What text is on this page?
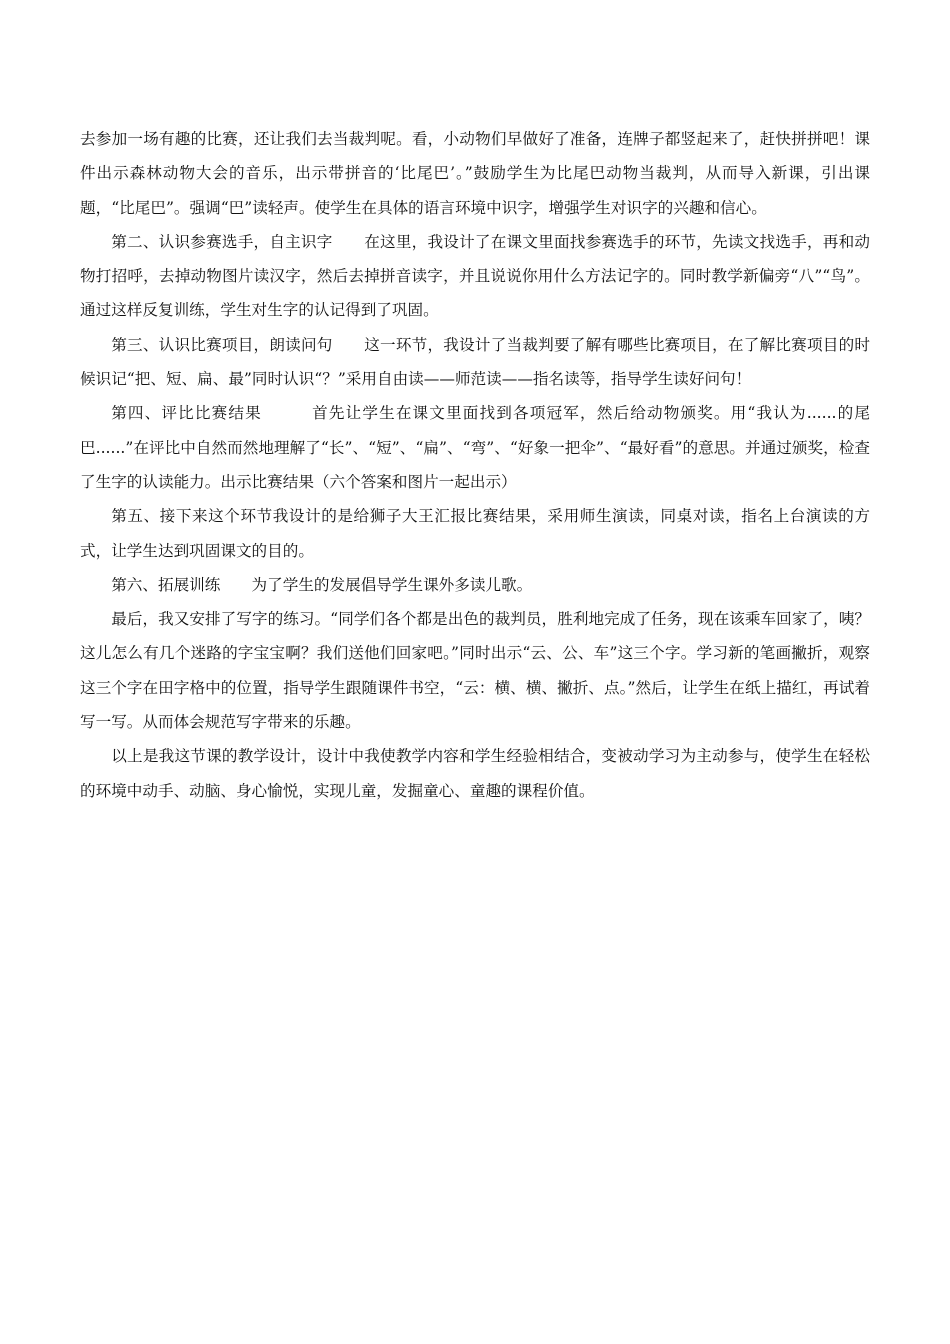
去参加一场有趣的比赛，还让我们去当裁判呢。看，小动物们早做好了准备，连牌子都竖起来了，赶快拼拼吧！课件出示森林动物大会的音乐，出示带拼音的‘比尾巴’。”鼓励学生为比尾巴动物当裁判，从而导入新课，引出课题，“比尾巴”。强调“巴”读轻声。使学生在具体的语言环境中识字，增强学生对识字的兴趣和信心。

第二、认识参赛选手，自主识字　　在这里，我设计了在课文里面找参赛选手的环节，先读文找选手，再和动物打招呼，去掉动物图片读汉字，然后去掉拼音读字，并且说说你用什么方法记字的。同时教学新偏旁“八”“鸟”。通过这样反复训练，学生对生字的认记得到了巩固。

第三、认识比赛项目，朗读问句　　这一环节，我设计了当裁判要了解有哪些比赛项目，在了解比赛项目的时候识记“把、短、扁、最”同时认识“？”采用自由读——师范读——指名读等，指导学生读好问句！

第四、评比比赛结果　　　首先让学生在课文里面找到各项冠军，然后给动物颁奖。用“我认为......的尾巴......”在评比中自然而然地理解了“长”、“短”、“扁”、“弯”、“好象一把伞”、“最好看”的意思。并通过颁奖，检查了生字的认读能力。出示比赛结果（六个答案和图片一起出示）

第五、接下来这个环节我设计的是给狮子大王汇报比赛结果，采用师生演读，同桌对读，指名上台演读的方式，让学生达到巩固课文的目的。

第六、拓展训练　　为了学生的发展倡导学生课外多读儿歌。

最后，我又安排了写字的练习。“同学们各个都是出色的裁判员，胜利地完成了任务，现在该乘车回家了，咦？这儿怎么有几个迷路的字宝宝啊？我们送他们回家吧。”同时出示“云、公、车”这三个字。学习新的笔画撇折，观察这三个字在田字格中的位置，指导学生跟随课件书空，“云：横、横、撇折、点。”然后，让学生在纸上描红，再试着写一写。从而体会规范写字带来的乐趣。

以上是我这节课的教学设计，设计中我使教学内容和学生经验相结合，变被动学习为主动参与，使学生在轻松的环境中动手、动脑、身心愉悦，实现儿童，发掘童心、童趣的课程价值。
